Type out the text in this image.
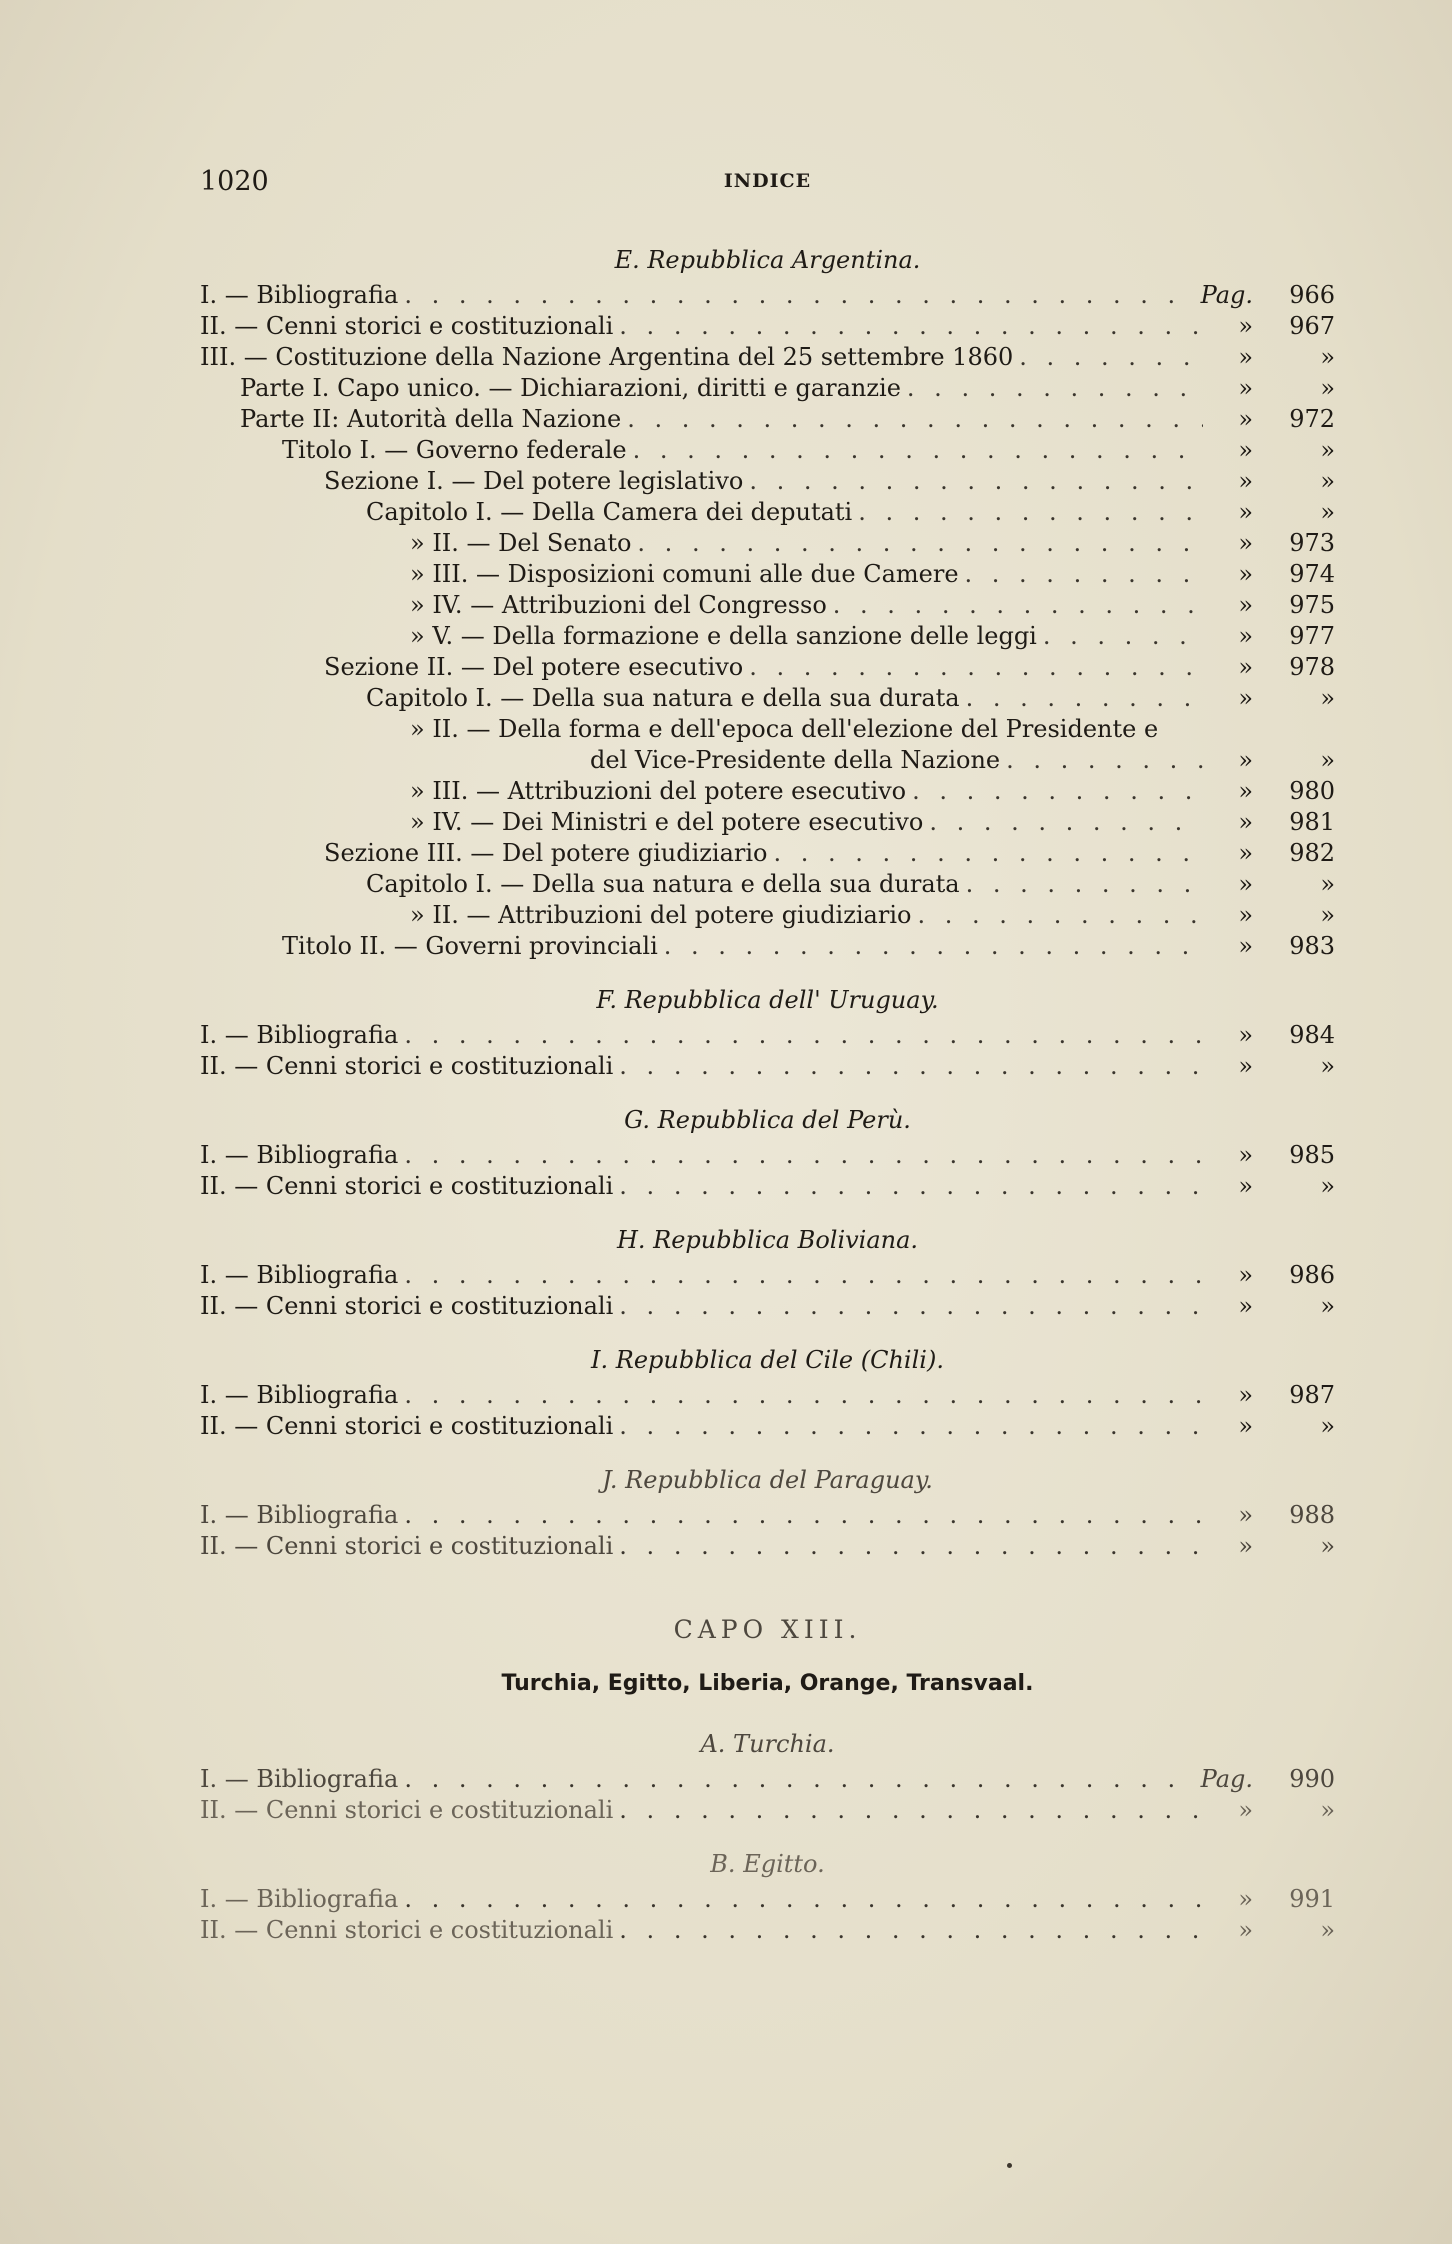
1020	INDICE
E. Repubblica Argentina.
I. — Bibliografia . . .	Pag.	966
II. — Cenni storici e costituzionali . . .	»	967
III. — Costituzione della Nazione Argentina del 25 settembre 1860 . . .	»	»
Parte I. Capo unico. — Dichiarazioni, diritti e garanzie . . .	»	»
Parte II: Autorità della Nazione . . .	»	972
Titolo I. — Governo federale . . .	»	»
Sezione I. — Del potere legislativo . . .	»	»
Capitolo I. — Della Camera dei deputati . . .	»	»
» II. — Del Senato . . .	»	973
» III. — Disposizioni comuni alle due Camere . . .	»	974
» IV. — Attribuzioni del Congresso . . .	»	975
» V. — Della formazione e della sanzione delle leggi . . .	»	977
Sezione II. — Del potere esecutivo . . .	»	978
Capitolo I. — Della sua natura e della sua durata . . .	»	»
» II. — Della forma e dell'epoca dell'elezione del Presidente e
del Vice-Presidente della Nazione . . .	»	»
» III. — Attribuzioni del potere esecutivo . . .	»	980
» IV. — Dei Ministri e del potere esecutivo . . .	»	981
Sezione III. — Del potere giudiziario . . .	»	982
Capitolo I. — Della sua natura e della sua durata . . .	»	»
» II. — Attribuzioni del potere giudiziario . . .	»	»
Titolo II. — Governi provinciali . . .	»	983
F. Repubblica dell' Uruguay.
I. — Bibliografia . . .	»	984
II. — Cenni storici e costituzionali . . .	»	»
G. Repubblica del Perù.
I. — Bibliografia . . .	»	985
II. — Cenni storici e costituzionali . . .	»	»
H. Repubblica Boliviana.
I. — Bibliografia . . .	»	986
II. — Cenni storici e costituzionali . . .	»	»
I. Repubblica del Cile (Chili).
I. — Bibliografia . . .	»	987
II. — Cenni storici e costituzionali . . .	»	»
J. Repubblica del Paraguay.
I. — Bibliografia . . .	»	988
II. — Cenni storici e costituzionali . . .	»	»
CAPO XIII.
Turchia, Egitto, Liberia, Orange, Transvaal.
A. Turchia.
I. — Bibliografia . . .	Pag.	990
II. — Cenni storici e costituzionali . . .	»	»
B. Egitto.
I. — Bibliografia . . .	»	991
II. — Cenni storici e costituzionali . . .	»	»
